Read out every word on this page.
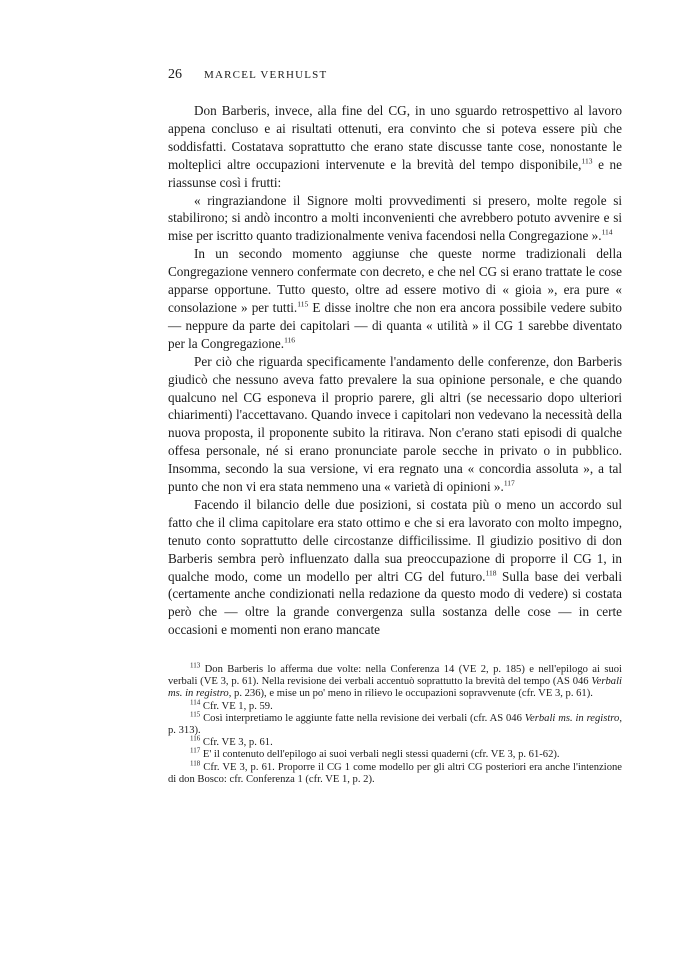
26 MARCEL VERHULST

Don Barberis, invece, alla fine del CG, in uno sguardo retrospettivo al lavoro appena concluso e ai risultati ottenuti, era convinto che si poteva essere più che soddisfatti. Costatava soprattutto che erano state discusse tante cose, nonostante le molteplici altre occupazioni intervenute e la brevità del tempo disponibile,$^{113}$ e ne riassunse così i frutti:

« ringraziandone il Signore molti provvedimenti si presero, molte regole si stabilirono; si andò incontro a molti inconvenienti che avrebbero potuto avvenire e si mise per iscritto quanto tradizionalmente veniva facendosi nella Congregazione ».$^{114}$

In un secondo momento aggiunse che queste norme tradizionali della Congregazione vennero confermate con decreto, e che nel CG si erano trattate le cose apparse opportune. Tutto questo, oltre ad essere motivo di « gioia », era pure « consolazione » per tutti.$^{115}$ E disse inoltre che non era ancora possibile vedere subito — neppure da parte dei capitolari — di quanta « utilità » il CG 1 sarebbe diventato per la Congregazione.$^{116}$

Per ciò che riguarda specificamente l'andamento delle conferenze, don Barberis giudicò che nessuno aveva fatto prevalere la sua opinione personale, e che quando qualcuno nel CG esponeva il proprio parere, gli altri (se necessario dopo ulteriori chiarimenti) l'accettavano. Quando invece i capitolari non vedevano la necessità della nuova proposta, il proponente subito la ritirava. Non c'erano stati episodi di qualche offesa personale, né si erano pronunciate parole secche in privato o in pubblico. Insomma, secondo la sua versione, vi era regnato una « concordia assoluta », a tal punto che non vi era stata nemmeno una « varietà di opinioni ».$^{117}$

Facendo il bilancio delle due posizioni, si costata più o meno un accordo sul fatto che il clima capitolare era stato ottimo e che si era lavorato con molto impegno, tenuto conto soprattutto delle circostanze difficilissime. Il giudizio positivo di don Barberis sembra però influenzato dalla sua preoccupazione di proporre il CG 1, in qualche modo, come un modello per altri CG del futuro.$^{118}$ Sulla base dei verbali (certamente anche condizionati nella redazione da questo modo di vedere) si costata però che — oltre la grande convergenza sulla sostanza delle cose — in certe occasioni e momenti non erano mancate

$^{113}$ Don Barberis lo afferma due volte: nella Conferenza 14 (VE 2, p. 185) e nell'epilogo ai suoi verbali (VE 3, p. 61). Nella revisione dei verbali accentuò soprattutto la brevità del tempo (AS 046 Verbali ms. in registro, p. 236), e mise un po' meno in rilievo le occupazioni sopravvenute (cfr. VE 3, p. 61).

$^{114}$ Cfr. VE 1, p. 59.

$^{115}$ Così interpretiamo le aggiunte fatte nella revisione dei verbali (cfr. AS 046 Verbali ms. in registro, p. 313).

$^{116}$ Cfr. VE 3, p. 61.

$^{117}$ E' il contenuto dell'epilogo ai suoi verbali negli stessi quaderni (cfr. VE 3, p. 61-62).

$^{118}$ Cfr. VE 3, p. 61. Proporre il CG 1 come modello per gli altri CG posteriori era anche l'intenzione di don Bosco: cfr. Conferenza 1 (cfr. VE 1, p. 2).
